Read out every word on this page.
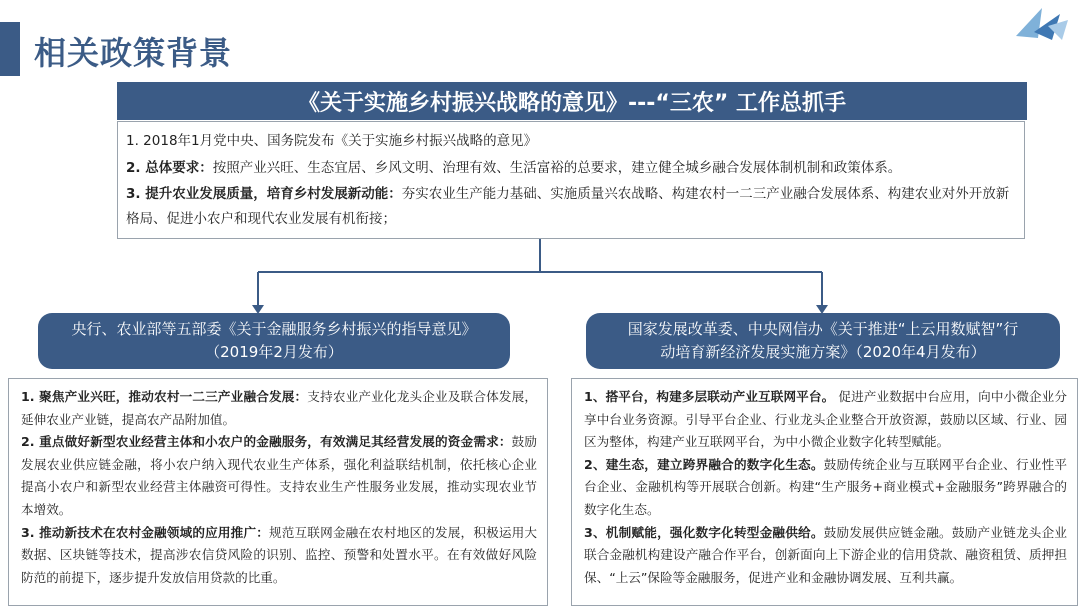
相关政策背景
《关于实施乡村振兴战略的意见》---“三农” 工作总抓手

1. 2018年1月党中央、国务院发布《关于实施乡村振兴战略的意见》

2. 总体要求：按照产业兴旺、生态宜居、乡风文明、治理有效、生活富裕的总要求，建立健全城乡融合发展体制机制和政策体系。

3. 提升农业发展质量，培育乡村发展新动能：夯实农业生产能力基础、实施质量兴农战略、构建农村一二三产业融合发展体系、构建农业对外开放新格局、促进小农户和现代农业发展有机衔接；

央行、农业部等五部委《关于金融服务乡村振兴的指导意见》
（2019年2月发布）
国家发展改革委、中央网信办《关于推进“上云用数赋智”行
动培育新经济发展实施方案》（2020年4月发布）

1. 聚焦产业兴旺，推动农村一二三产业融合发展：支持农业产业化龙头企业及联合体发展，延伸农业产业链，提高农产品附加值。

2. 重点做好新型农业经营主体和小农户的金融服务，有效满足其经营发展的资金需求：鼓励发展农业供应链金融，将小农户纳入现代农业生产体系，强化利益联结机制，依托核心企业提高小农户和新型农业经营主体融资可得性。支持农业生产性服务业发展，推动实现农业节本增效。

3. 推动新技术在农村金融领域的应用推广：规范互联网金融在农村地区的发展，积极运用大数据、区块链等技术，提高涉农信贷风险的识别、监控、预警和处置水平。在有效做好风险防范的前提下，逐步提升发放信用贷款的比重。

1、搭平台，构建多层联动产业互联网平台。 促进产业数据中台应用，向中小微企业分享中台业务资源。引导平台企业、行业龙头企业整合开放资源，鼓励以区域、行业、园区为整体，构建产业互联网平台，为中小微企业数字化转型赋能。

2、建生态，建立跨界融合的数字化生态。鼓励传统企业与互联网平台企业、行业性平台企业、金融机构等开展联合创新。构建“生产服务+商业模式+金融服务”跨界融合的数字化生态。

3、机制赋能，强化数字化转型金融供给。鼓励发展供应链金融。鼓励产业链龙头企业联合金融机构建设产融合作平台，创新面向上下游企业的信用贷款、融资租赁、质押担保、“上云”保险等金融服务，促进产业和金融协调发展、互利共赢。
